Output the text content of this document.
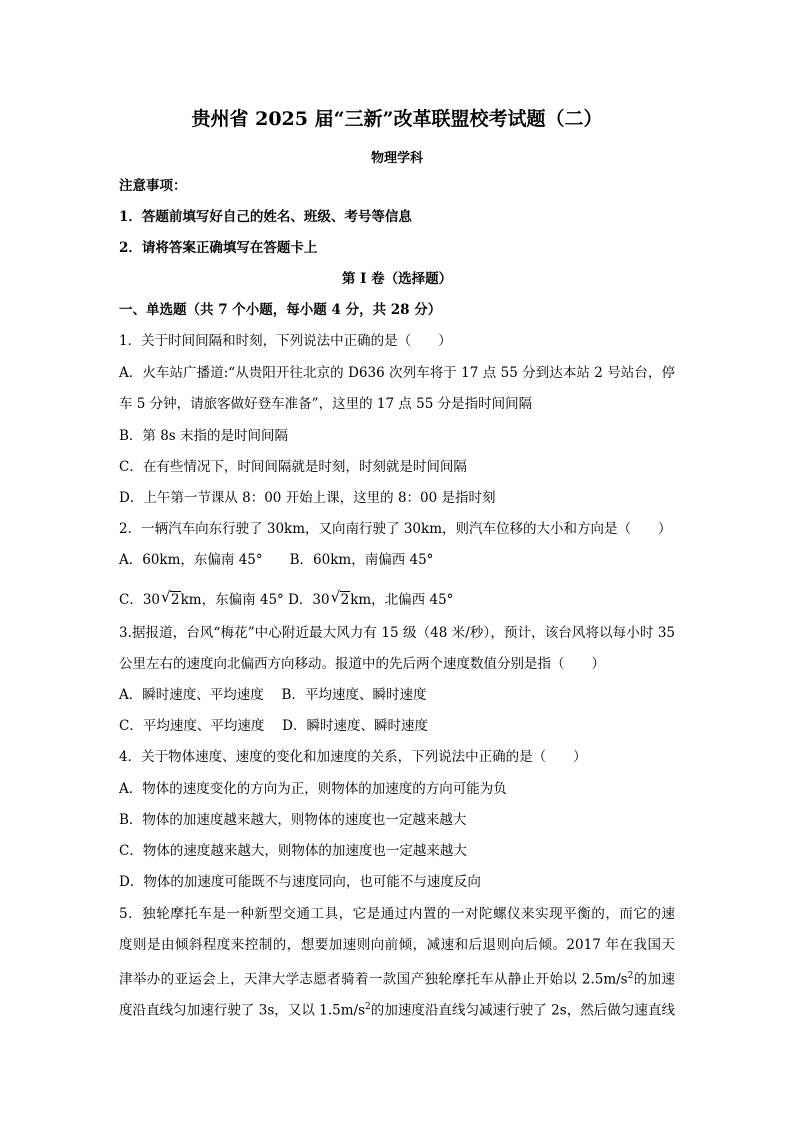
贵州省 2025 届“三新”改革联盟校考试题（二）
物理学科
注意事项：
1．答题前填写好自己的姓名、班级、考号等信息
2．请将答案正确填写在答题卡上
第 I 卷（选择题）
一、单选题（共 7 个小题，每小题 4 分，共 28 分）
1．关于时间间隔和时刻，下列说法中正确的是（　　）
A．火车站广播道:“从贵阳开往北京的 D636 次列车将于 17 点 55 分到达本站 2 号站台，停
车 5 分钟，请旅客做好登车准备”，这里的 17 点 55 分是指时间间隔
B．第 8s 末指的是时间间隔
C．在有些情况下，时间间隔就是时刻，时刻就是时间间隔
D．上午第一节课从 8：00 开始上课，这里的 8：00 是指时刻
2．一辆汽车向东行驶了 30km，又向南行驶了 30km，则汽车位移的大小和方向是（　　）
A．60km，东偏南 45°　　B．60km，南偏西 45°
C．30 √ 2km，东偏南 45° D．30 √ 2km，北偏西 45°
3.据报道，台风“梅花”中心附近最大风力有 15 级（48 米/秒），预计，该台风将以每小时 35
公里左右的速度向北偏西方向移动。报道中的先后两个速度数值分别是指（　　）
A．瞬时速度、平均速度　 B．平均速度、瞬时速度
C．平均速度、平均速度　 D．瞬时速度、瞬时速度
4．关于物体速度、速度的变化和加速度的关系，下列说法中正确的是（　　）
A．物体的速度变化的方向为正，则物体的加速度的方向可能为负
B．物体的加速度越来越大，则物体的速度也一定越来越大
C．物体的速度越来越大，则物体的加速度也一定越来越大
D．物体的加速度可能既不与速度同向，也可能不与速度反向
5．独轮摩托车是一种新型交通工具，它是通过内置的一对陀螺仪来实现平衡的，而它的速
度则是由倾斜程度来控制的，想要加速则向前倾，减速和后退则向后倾。2017 年在我国天
津举办的亚运会上，天津大学志愿者骑着一款国产独轮摩托车从静止开始以 $2.5m/s^2$的加速
度沿直线匀加速行驶了 3s，又以 $1.5m/s^2$的加速度沿直线匀减速行驶了 2s，然后做匀速直线
